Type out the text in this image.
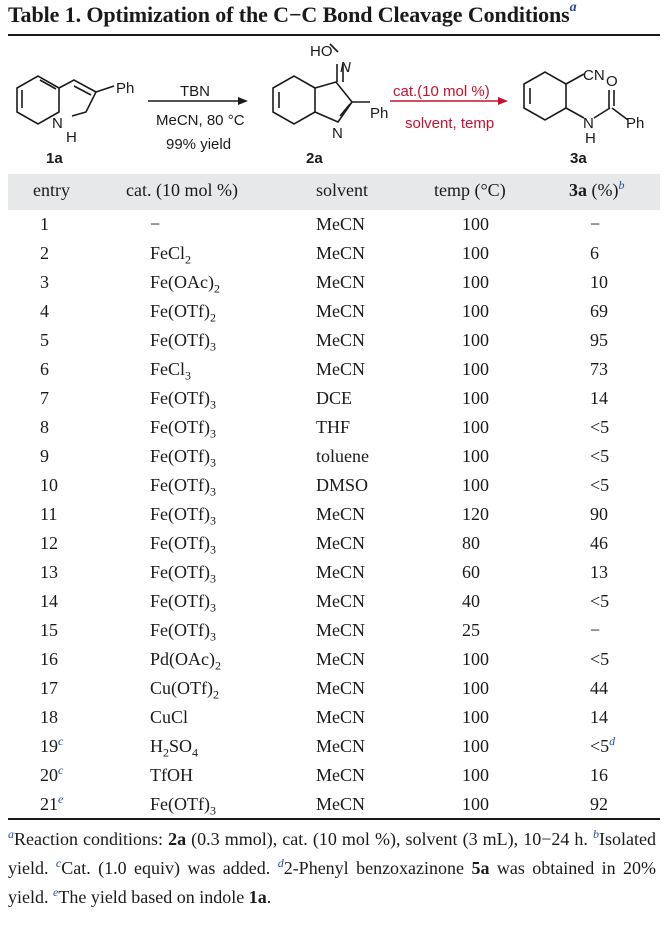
Table 1. Optimization of the C−C Bond Cleavage Conditions$^a$
Ph
N
H
1a
TBN
MeCN, 80 °C
99% yield
HO
N
N
Ph
2a
cat.(10 mol %)
solvent, temp
CN O
N
H
Ph
3a
entry	cat. (10 mol %)	solvent	temp (°C)	3a (%)$^b$
1	−	MeCN	100	−
2	FeCl$_2$	MeCN	100	6
3	$Fe(OAc)_2$	MeCN	100	10
4	$Fe(OTf)_2$	MeCN	100	69
5	$Fe(OTf)_3$	MeCN	100	95
6	FeCl$_3$	MeCN	100	73
7	$Fe(OTf)_3$	DCE	100	14
8	$Fe(OTf)_3$	THF	100	<5
9	$Fe(OTf)_3$	toluene	100	<5
10	$Fe(OTf)_3$	DMSO	100	<5
11	$Fe(OTf)_3$	MeCN	120	90
12	$Fe(OTf)_3$	MeCN	80	46
13	$Fe(OTf)_3$	MeCN	60	13
14	$Fe(OTf)_3$	MeCN	40	<5
15	$Fe(OTf)_3$	MeCN	25	−
16	$Pd(OAc)_2$	MeCN	100	<5
17	$Cu(OTf)_2$	MeCN	100	44
18	CuCl	MeCN	100	14
19$^c$	$H_2SO_4$	MeCN	100	<5$^d$
20$^c$	TfOH	MeCN	100	16
21e	$Fe(OTf)_3$	MeCN	100	92
$^a$Reaction conditions: 2a (0.3 mmol), cat. (10 mol %), solvent (3 mL), 10−24 h. $^b$Isolated yield. $^c$Cat. (1.0 equiv) was added. $^d$2-Phenyl benzoxazinone 5a was obtained in 20% yield. $^e$The yield based on indole 1a.
